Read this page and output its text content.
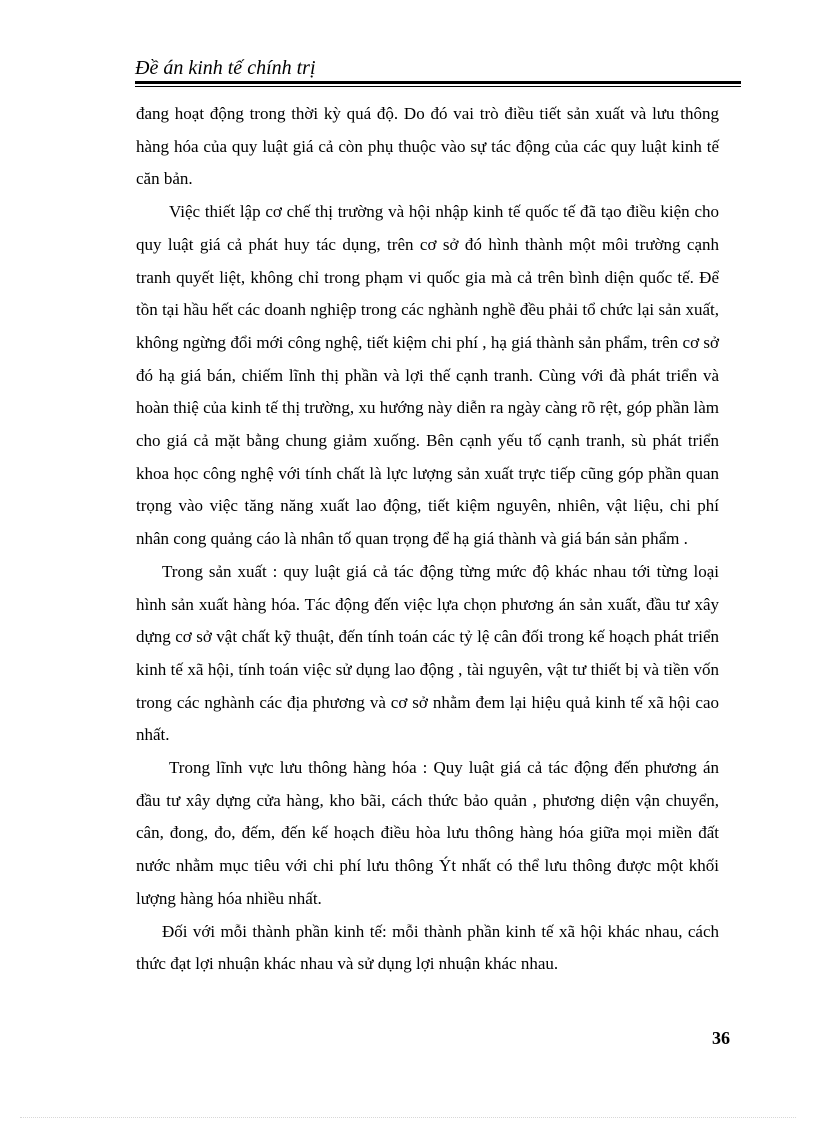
Đề án kinh tế chính trị

đang hoạt động trong thời kỳ quá độ. Do đó vai trò điều tiết sản xuất và lưu thông hàng hóa của quy luật giá cả còn phụ thuộc vào sự tác động của các quy luật kinh tế căn bản.

Việc thiết lập cơ chế thị trường và hội nhập kinh tế quốc tế đã tạo điều kiện cho quy luật giá cả phát huy tác dụng, trên cơ sở đó hình thành một môi trường cạnh tranh quyết liệt, không chỉ trong phạm vi quốc gia mà cả trên bình diện quốc tế. Để tồn tại hầu hết các doanh nghiệp trong các nghành nghề đều phải tổ chức lại sản xuất, không ngừng đổi mới công nghệ, tiết kiệm chi phí , hạ giá thành sản phẩm, trên cơ sở đó hạ giá bán, chiếm lĩnh thị phần và lợi thế cạnh tranh. Cùng với đà phát triển và hoàn thiệ của kinh tế thị trường, xu hướng này diễn ra ngày càng rõ rệt, góp phần làm cho giá cả mặt bằng chung giảm xuống. Bên cạnh yếu tố cạnh tranh, sù phát triển khoa học công nghệ với tính chất là lực lượng sản xuất trực tiếp cũng góp phần quan trọng vào việc tăng năng xuất lao động, tiết kiệm nguyên, nhiên, vật liệu, chi phí nhân cong quảng cáo là nhân tố quan trọng để hạ giá thành và giá bán sản phẩm .

Trong sản xuất : quy luật giá cả tác động từng mức độ khác nhau tới từng loại hình sản xuất hàng hóa. Tác động đến việc lựa chọn phương án sản xuất, đầu tư xây dựng cơ sở vật chất kỹ thuật, đến tính toán các tỷ lệ cân đối trong kế hoạch phát triển kinh tế xã hội, tính toán việc sử dụng lao động , tài nguyên, vật tư thiết bị và tiền vốn trong các nghành các địa phương và cơ sở nhằm đem lại hiệu quả kinh tế xã hội cao nhất.

Trong lĩnh vực lưu thông hàng hóa : Quy luật giá cả tác động đến phương án đầu tư xây dựng cửa hàng, kho bãi, cách thức bảo quản , phương diện vận chuyển, cân, đong, đo, đếm, đến kế hoạch điều hòa lưu thông hàng hóa giữa mọi miền đất nước nhằm mục tiêu với chi phí lưu thông Ýt nhất có thể lưu thông được một khối lượng hàng hóa nhiều nhất.

Đối với mỗi thành phần kinh tế: mỗi thành phần kinh tế xã hội khác nhau, cách thức đạt lợi nhuận khác nhau và sử dụng lợi nhuận khác nhau.

36
